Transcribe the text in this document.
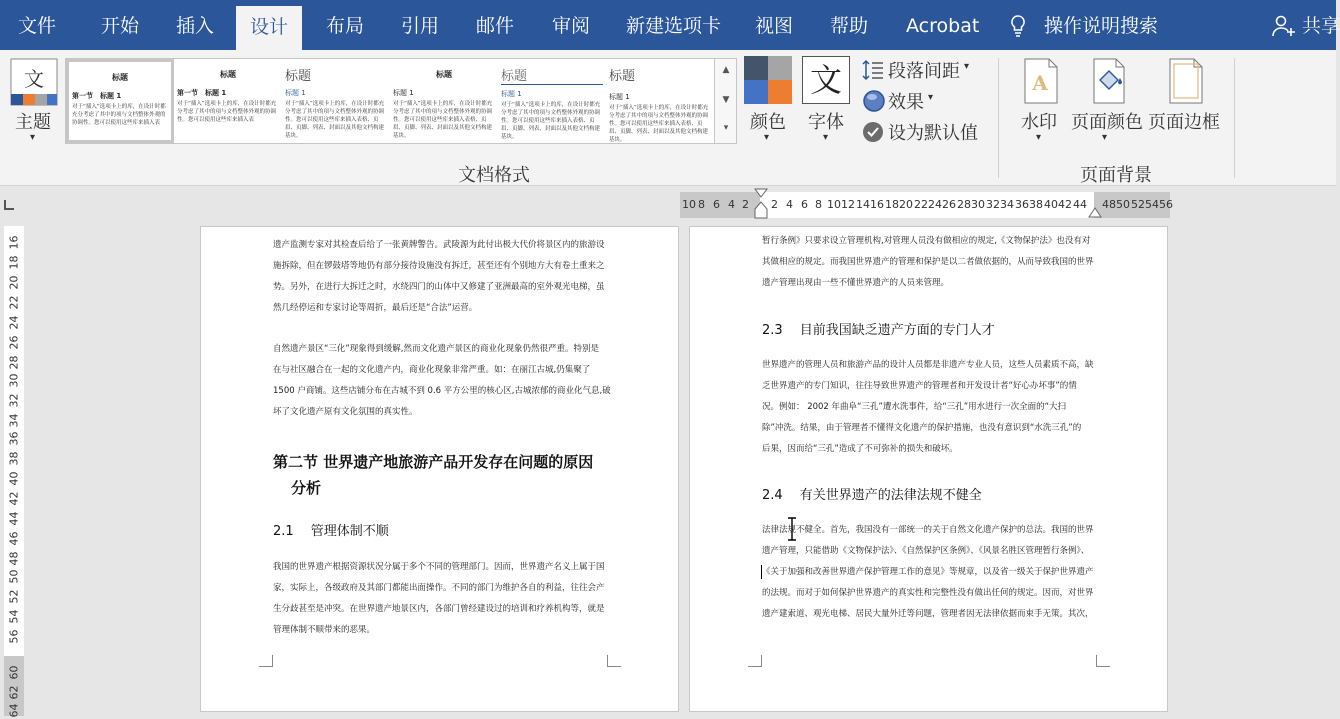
文件 开始 插入	设计	布局 引用 邮件 审阅 新建选项卡 视图 帮助 Acrobat	操作说明搜索	共享
文
主题
▾
标题
第一节　标题 1
对于“插入”选项卡上的库，在设计时都充分考虑了其中的项与文档整体外观的协调性。您可以使用这些库来插入表
标题
第一节　标题 1
对于“插入”选项卡上的库，在设计时都充分考虑了其中的项与文档整体外观的协调性。您可以使用这些库来插入表
标题
标题 1
对于“插入”选项卡上的库，在设计时都充分考虑了其中的项与文档整体外观的协调性。您可以使用这些库来插入表格、页眉、页脚、列表、封面以及其他文档构建基块。
标题
标题 1
对于“插入”选项卡上的库，在设计时都充分考虑了其中的项与文档整体外观的协调性。您可以使用这些库来插入表格、页眉、页脚、列表、封面以及其他文档构建基块。
标题
标题 1
对于“插入”选项卡上的库，在设计时都充分考虑了其中的项与文档整体外观的协调性。您可以使用这些库来插入表格、页眉、页脚、列表、封面以及其他文档构建基块。
标题
标题 1
对于“插入”选项卡上的库，在设计时都充分考虑了其中的项与文档整体外观的协调性。您可以使用这些库来插入表格、页眉、页脚、列表、封面以及其他文档构建基块。
▲
▼
▾	颜色
▾
文
字体
▾
段落间距 ▾
效果 ▾
设为默认值
文档格式
A
水印
▾
页面颜色
▾
页面边框
页面背景
10 8 6 4 2 2 4 6 8 10 12 14 16 18 20 22 24 26 28 30 32 34 36 38 40 42 44 48 50 52 54 56
16
18
20
22
24
26
28
30
32
34
36
38
40
42
44
46
48
50
52
54
56
60
62
64
遗产监测专家对其检查后给了一张黄牌警告。武陵源为此付出极大代价将景区内的旅游设
施拆除，但在锣鼓塔等地仍有部分接待设施没有拆迁，甚至还有个别地方大有卷土重来之
势。另外，在进行大拆迁之时，水绕四门的山体中又修建了亚洲最高的室外观光电梯，虽
然几经停运和专家讨论等周折，最后还是“合法”运营。
自然遗产景区“三化”现象得到缓解,然而文化遗产景区的商业化现象仍然很严重。特别是
在与社区融合在一起的文化遗产内，商业化现象非常严重。如：在丽江古城,仍集聚了
1500 户商铺。这些店铺分布在古城不到 0.6 平方公里的核心区,古城浓郁的商业化气息,破
坏了文化遗产原有文化氛围的真实性。
第二节 世界遗产地旅游产品开发存在问题的原因
分析
2.1　 管理体制不顺
我国的世界遗产根据资源状况分属于多个不同的管理部门。因而，世界遗产名义上属于国
家，实际上，各级政府及其部门都能出面操作。不同的部门为维护各自的利益，往往会产
生分歧甚至是冲突。在世界遗产地景区内，各部门曾经建设过的培训和疗养机构等，就是
管理体制不顺带来的恶果。
暂行条例》只要求设立管理机构,对管理人员没有做相应的规定,《文物保护法》也没有对
其做相应的规定。而我国世界遗产的管理和保护是以二者做依据的，从而导致我国的世界
遗产管理出现由一些不懂世界遗产的人员来管理。
2.3　 目前我国缺乏遗产方面的专门人才
世界遗产的管理人员和旅游产品的设计人员都是非遗产专业人员，这些人员素质不高，缺
乏世界遗产的专门知识，往往导致世界遗产的管理者和开发设计者“好心办坏事”的情
况。例如： 2002 年曲阜“三孔”遭水洗事件，给“三孔”用水进行一次全面的“大扫
除”冲洗。结果，由于管理者不懂得文化遗产的保护措施，也没有意识到“水洗三孔”的
后果，因而给“三孔”造成了不可弥补的损失和破坏。
2.4　 有关世界遗产的法律法规不健全
法律法规不健全。首先，我国没有一部统一的关于自然文化遗产保护的总法。我国的世界
遗产管理，只能借助《文物保护法》、《自然保护区条例》、《风景名胜区管理暂行条例》、
《关于加强和改善世界遗产保护管理工作的意见》等规章，以及省一级关于保护世界遗产
的法规。而对于如何保护世界遗产的真实性和完整性没有做出任何的规定。因而，对世界
遗产建索道、观光电梯、居民大量外迁等问题，管理者因无法律依据而束手无策。其次，
